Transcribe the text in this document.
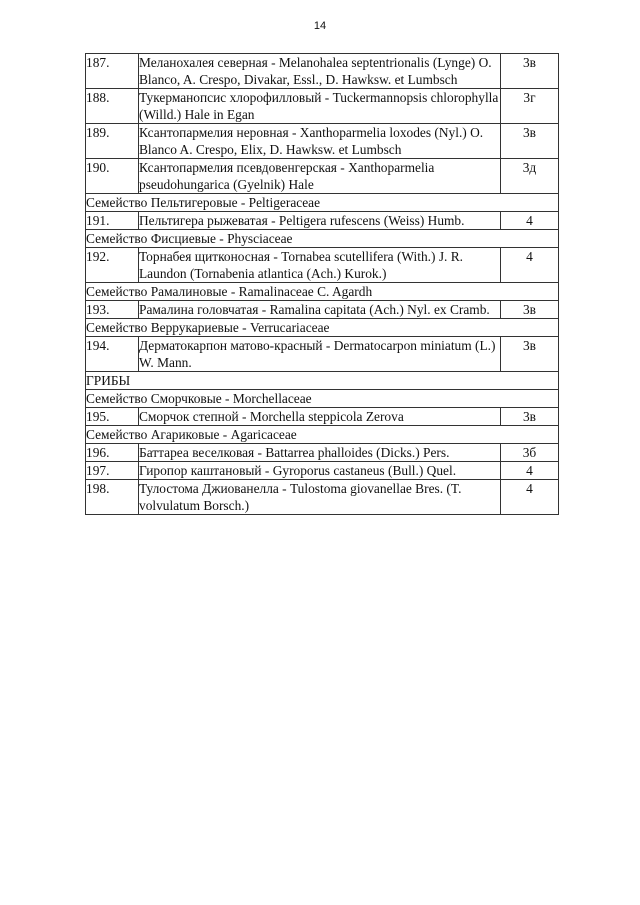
14
187.	Меланохалея северная - Melanohalea septentrionalis (Lynge) O. Blanco, A. Crespo, Divakar, Essl., D. Hawksw. et Lumbsch	3в
188.	Тукерманопсис хлорофилловый - Tuckermannopsis chlorophylla (Willd.) Hale in Egan	3г
189.	Ксантопармелия неровная - Xanthoparmelia loxodes (Nyl.) O. Blanco A. Crespo, Elix, D. Hawksw. et Lumbsch	3в
190.	Ксантопармелия псевдовенгерская - Xanthoparmelia pseudohungarica (Gyelnik) Hale	3д
Семейство Пельтигеровые - Peltigeraceae		
191.	Пельтигера рыжеватая - Peltigera rufescens (Weiss) Humb.	4
Семейство Фисциевые - Physciaceae		
192.	Торнабея щитконосная - Tornabea scutellifera (With.) J. R. Laundon (Tornabenia atlantica (Ach.) Kurok.)	4
Семейство Рамалиновые - Ramalinaceae C. Agardh		
193.	Рамалина головчатая - Ramalina capitata (Ach.) Nyl. ex Cramb.	3в
Семейство Веррукариевые - Verrucariaceae		
194.	Дерматокарпон матово-красный - Dermatocarpon miniatum (L.) W. Mann.	3в
ГРИБЫ		
Семейство Сморчковые - Morchellaceae		
195.	Сморчок степной - Morchella steppicola Zerova	3в
Семейство Агариковые - Agaricaceae		
196.	Баттареа веселковая - Battarrea phalloides (Dicks.) Pers.	3б
197.	Гиропор каштановый - Gyroporus castaneus (Bull.) Quel.	4
198.	Тулостома Джиованелла - Tulostoma giovanellae Bres. (T. volvulatum Borsch.)	4
